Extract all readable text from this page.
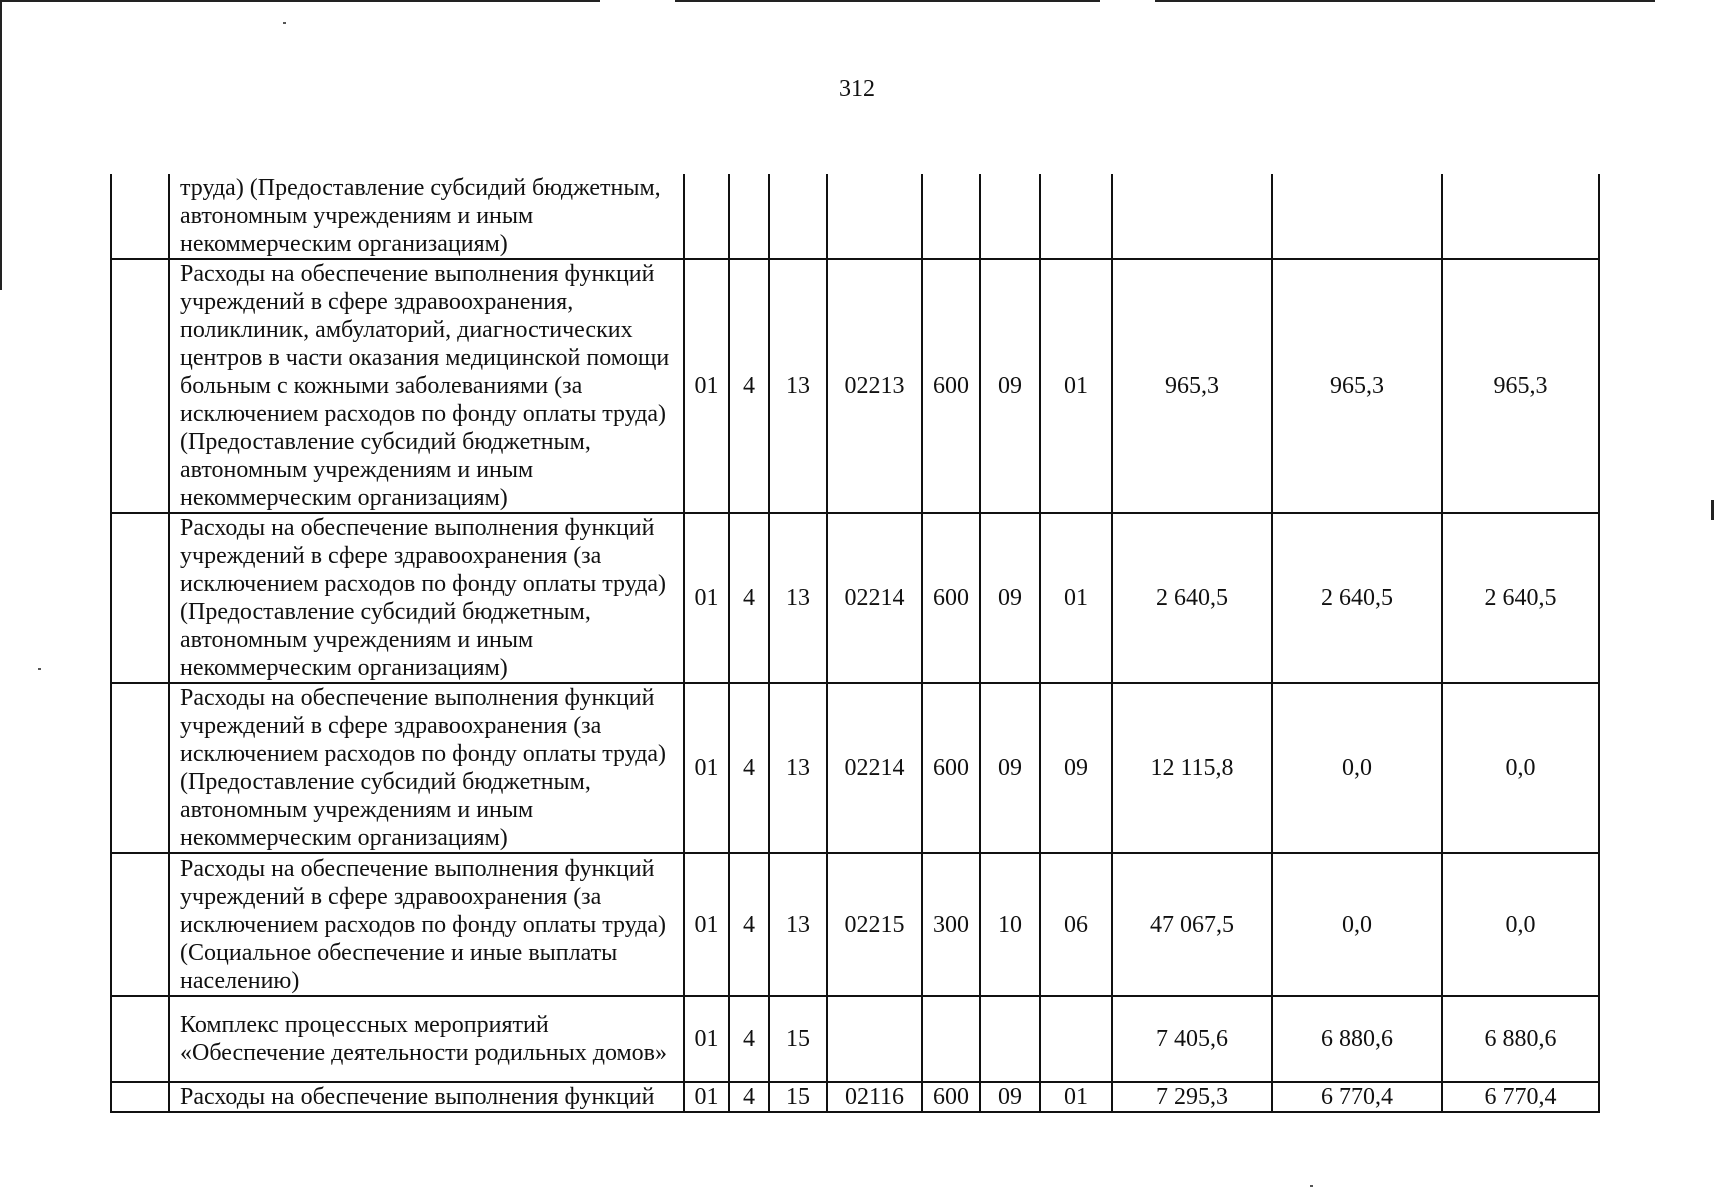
312
	труда) (Предоставление субсидий бюджетным, автономным учреждениям и иным некоммерческим организациям)										
	Расходы на обеспечение выполнения функций учреждений в сфере здравоохранения, поликлиник, амбулаторий, диагностических центров в части оказания медицинской помощи больным с кожными заболеваниями (за исключением расходов по фонду оплаты труда) (Предоставление субсидий бюджетным, автономным учреждениям и иным некоммерческим организациям)	01	4	13	02213	600	09	01	965,3	965,3	965,3
	Расходы на обеспечение выполнения функций учреждений в сфере здравоохранения (за исключением расходов по фонду оплаты труда) (Предоставление субсидий бюджетным, автономным учреждениям и иным некоммерческим организациям)	01	4	13	02214	600	09	01	2 640,5	2 640,5	2 640,5
	Расходы на обеспечение выполнения функций учреждений в сфере здравоохранения (за исключением расходов по фонду оплаты труда) (Предоставление субсидий бюджетным, автономным учреждениям и иным некоммерческим организациям)	01	4	13	02214	600	09	09	12 115,8	0,0	0,0
	Расходы на обеспечение выполнения функций учреждений в сфере здравоохранения (за исключением расходов по фонду оплаты труда) (Социальное обеспечение и иные выплаты населению)	01	4	13	02215	300	10	06	47 067,5	0,0	0,0
	Комплекс процессных мероприятий «Обеспечение деятельности родильных домов»	01	4	15					7 405,6	6 880,6	6 880,6
	Расходы на обеспечение выполнения функций	01	4	15	02116	600	09	01	7 295,3	6 770,4	6 770,4
